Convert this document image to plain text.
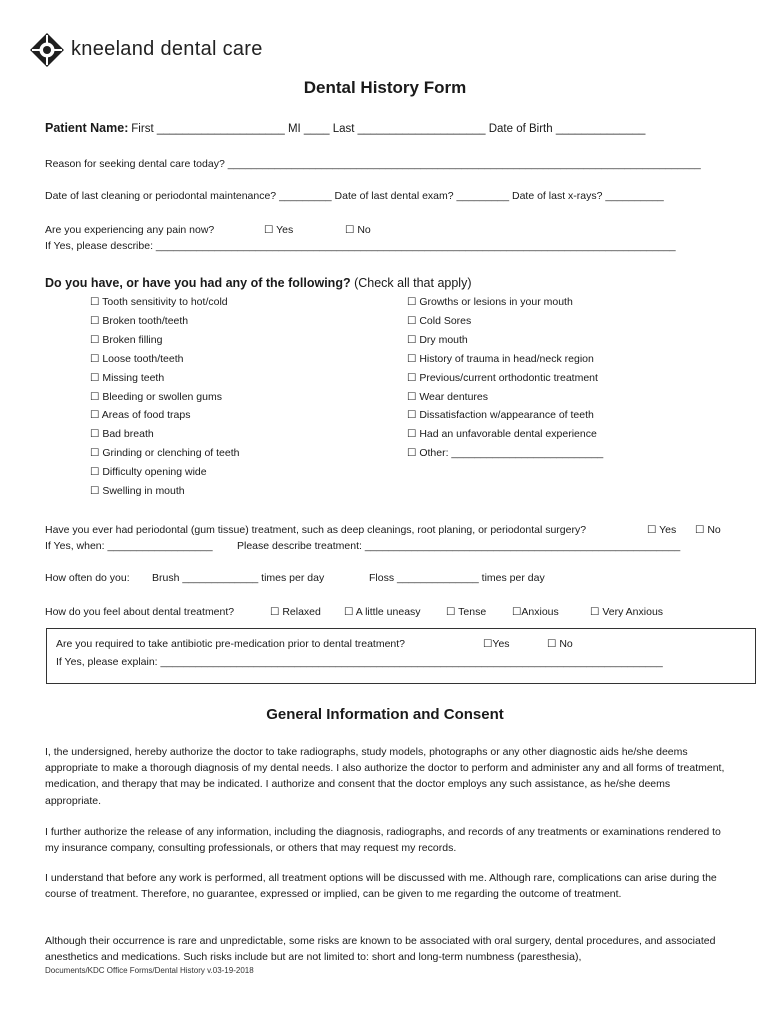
kneeland dental care
Dental History Form
Patient Name: First ____________________ MI ____ Last ____________________ Date of Birth ______________
Reason for seeking dental care today? _________________________________________________________________________________
Date of last cleaning or periodontal maintenance? _________ Date of last dental exam? _________ Date of last x-rays? __________
Are you experiencing any pain now?	☐ Yes	☐ No
If Yes, please describe: _________________________________________________________________________________________
Do you have, or have you had any of the following? (Check all that apply)
☐ Tooth sensitivity to hot/cold
☐ Broken tooth/teeth
☐ Broken filling
☐ Loose tooth/teeth
☐ Missing teeth
☐ Bleeding or swollen gums
☐ Areas of food traps
☐ Bad breath
☐ Grinding or clenching of teeth
☐ Difficulty opening wide
☐ Swelling in mouth
☐ Growths or lesions in your mouth
☐ Cold Sores
☐ Dry mouth
☐ History of trauma in head/neck region
☐ Previous/current orthodontic treatment
☐ Wear dentures
☐ Dissatisfaction w/appearance of teeth
☐ Had an unfavorable dental experience
☐ Other: __________________________
Have you ever had periodontal (gum tissue) treatment, such as deep cleanings, root planing, or periodontal surgery?	☐ Yes ☐ No
If Yes, when: __________________ Please describe treatment: ______________________________________________________
How often do you: Brush _____________ times per day	Floss ______________ times per day
How do you feel about dental treatment?	☐ Relaxed ☐ A little uneasy ☐ Tense ☐Anxious	☐ Very Anxious
Are you required to take antibiotic pre-medication prior to dental treatment?	☐Yes	☐ No
If Yes, please explain: ______________________________________________________________________________________
General Information and Consent
I, the undersigned, hereby authorize the doctor to take radiographs, study models, photographs or any other diagnostic aids he/she deems appropriate to make a thorough diagnosis of my dental needs. I also authorize the doctor to perform and administer any and all forms of treatment, medication, and therapy that may be indicated. I authorize and consent that the doctor employs any such assistance, as he/she deems appropriate.
I further authorize the release of any information, including the diagnosis, radiographs, and records of any treatments or examinations rendered to my insurance company, consulting professionals, or others that may request my records.
I understand that before any work is performed, all treatment options will be discussed with me. Although rare, complications can arise during the course of treatment. Therefore, no guarantee, expressed or implied, can be given to me regarding the outcome of treatment.
Although their occurrence is rare and unpredictable, some risks are known to be associated with oral surgery, dental procedures, and associated anesthetics and medications. Such risks include but are not limited to: short and long-term numbness (paresthesia),
Documents/KDC Office Forms/Dental History v.03-19-2018
